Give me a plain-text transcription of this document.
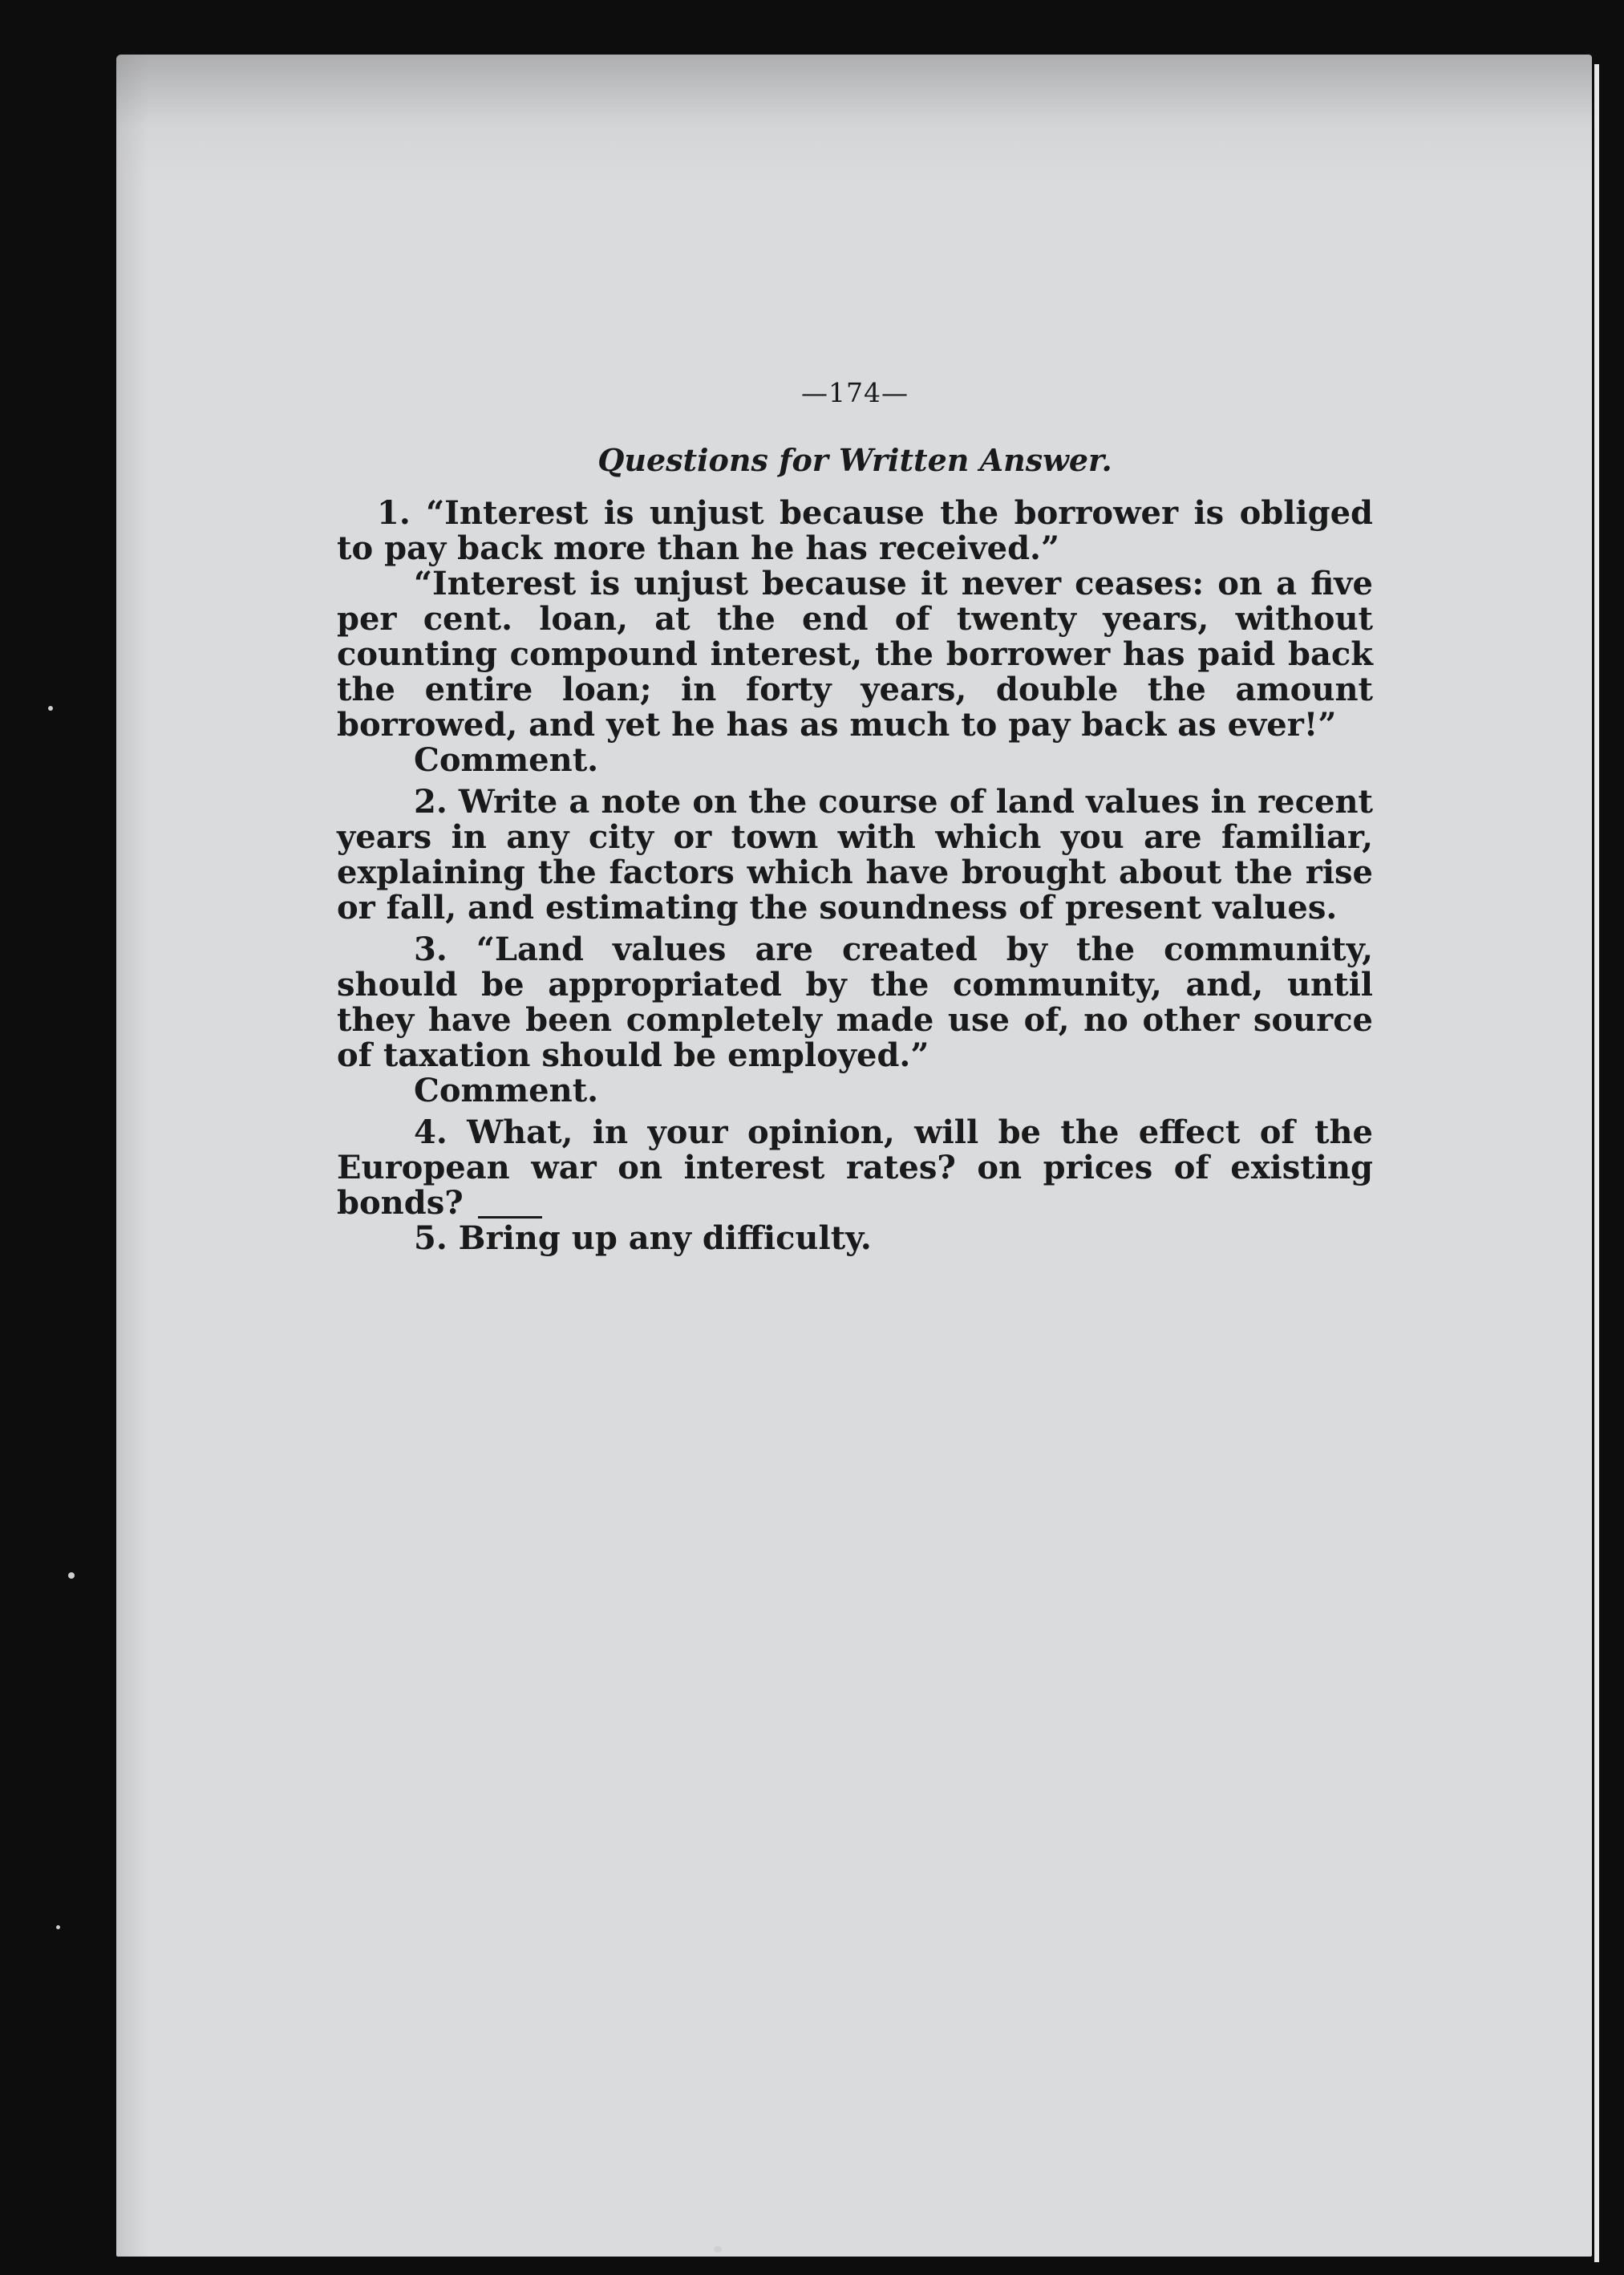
—174—
Questions for Written Answer.

1. “Interest is unjust because the borrower is obliged to pay back more than he has received.”

“Interest is unjust because it never ceases: on a five per cent. loan, at the end of twenty years, without counting compound interest, the borrower has paid back the entire loan; in forty years, double the amount borrowed, and yet he has as much to pay back as ever!”

Comment.

2. Write a note on the course of land values in recent years in any city or town with which you are familiar, explaining the factors which have brought about the rise or fall, and estimating the soundness of present values.

3. “Land values are created by the community, should be appropriated by the community, and, until they have been completely made use of, no other source of taxation should be employed.”

Comment.

4. What, in your opinion, will be the effect of the European war on interest rates? on prices of existing bonds?

5. Bring up any difficulty.
